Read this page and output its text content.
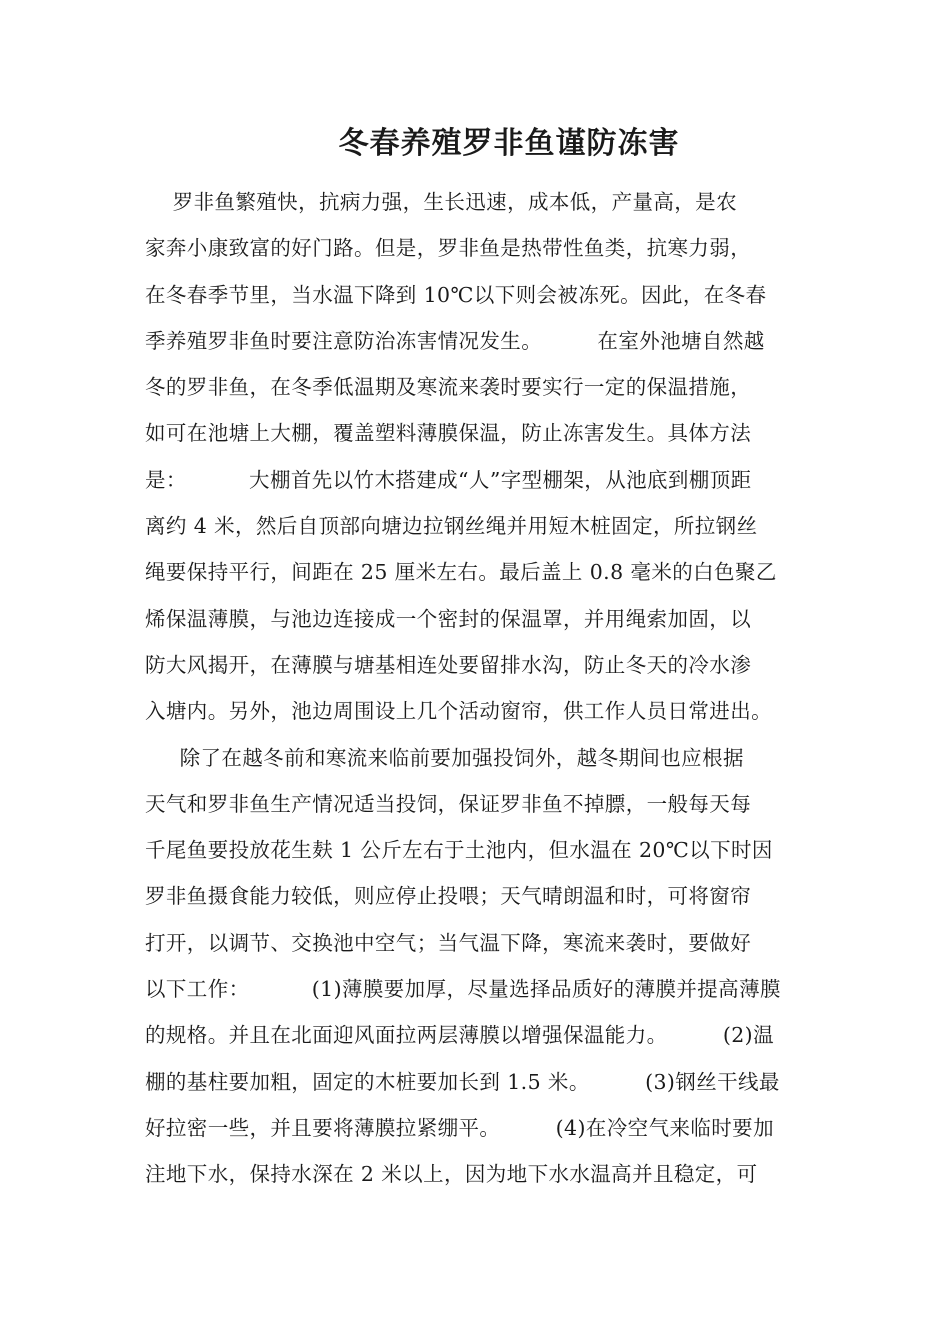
冬春养殖罗非鱼谨防冻害
罗非鱼繁殖快，抗病力强，生长迅速，成本低，产量高，是农
家奔小康致富的好门路。但是，罗非鱼是热带性鱼类，抗寒力弱，
在冬春季节里，当水温下降到 10℃以下则会被冻死。因此，在冬春
季养殖罗非鱼时要注意防治冻害情况发生。        在室外池塘自然越
冬的罗非鱼，在冬季低温期及寒流来袭时要实行一定的保温措施，
如可在池塘上大棚，覆盖塑料薄膜保温，防止冻害发生。具体方法
是：         大棚首先以竹木搭建成“人”字型棚架，从池底到棚顶距
离约 4 米，然后自顶部向塘边拉钢丝绳并用短木桩固定，所拉钢丝
绳要保持平行，间距在 25 厘米左右。最后盖上 0.8 毫米的白色聚乙
烯保温薄膜，与池边连接成一个密封的保温罩，并用绳索加固，以
防大风揭开，在薄膜与塘基相连处要留排水沟，防止冬天的冷水渗
入塘内。另外，池边周围设上几个活动窗帘，供工作人员日常进出。
除了在越冬前和寒流来临前要加强投饲外，越冬期间也应根据
天气和罗非鱼生产情况适当投饲，保证罗非鱼不掉膘，一般每天每
千尾鱼要投放花生麸 1 公斤左右于土池内，但水温在 20℃以下时因
罗非鱼摄食能力较低，则应停止投喂；天气晴朗温和时，可将窗帘
打开，以调节、交换池中空气；当气温下降，寒流来袭时，要做好
以下工作：         (1)薄膜要加厚，尽量选择品质好的薄膜并提高薄膜
的规格。并且在北面迎风面拉两层薄膜以增强保温能力。        (2)温
棚的基柱要加粗，固定的木桩要加长到 1.5 米。        (3)钢丝干线最
好拉密一些，并且要将薄膜拉紧绷平。        (4)在冷空气来临时要加
注地下水，保持水深在 2 米以上，因为地下水水温高并且稳定，可
